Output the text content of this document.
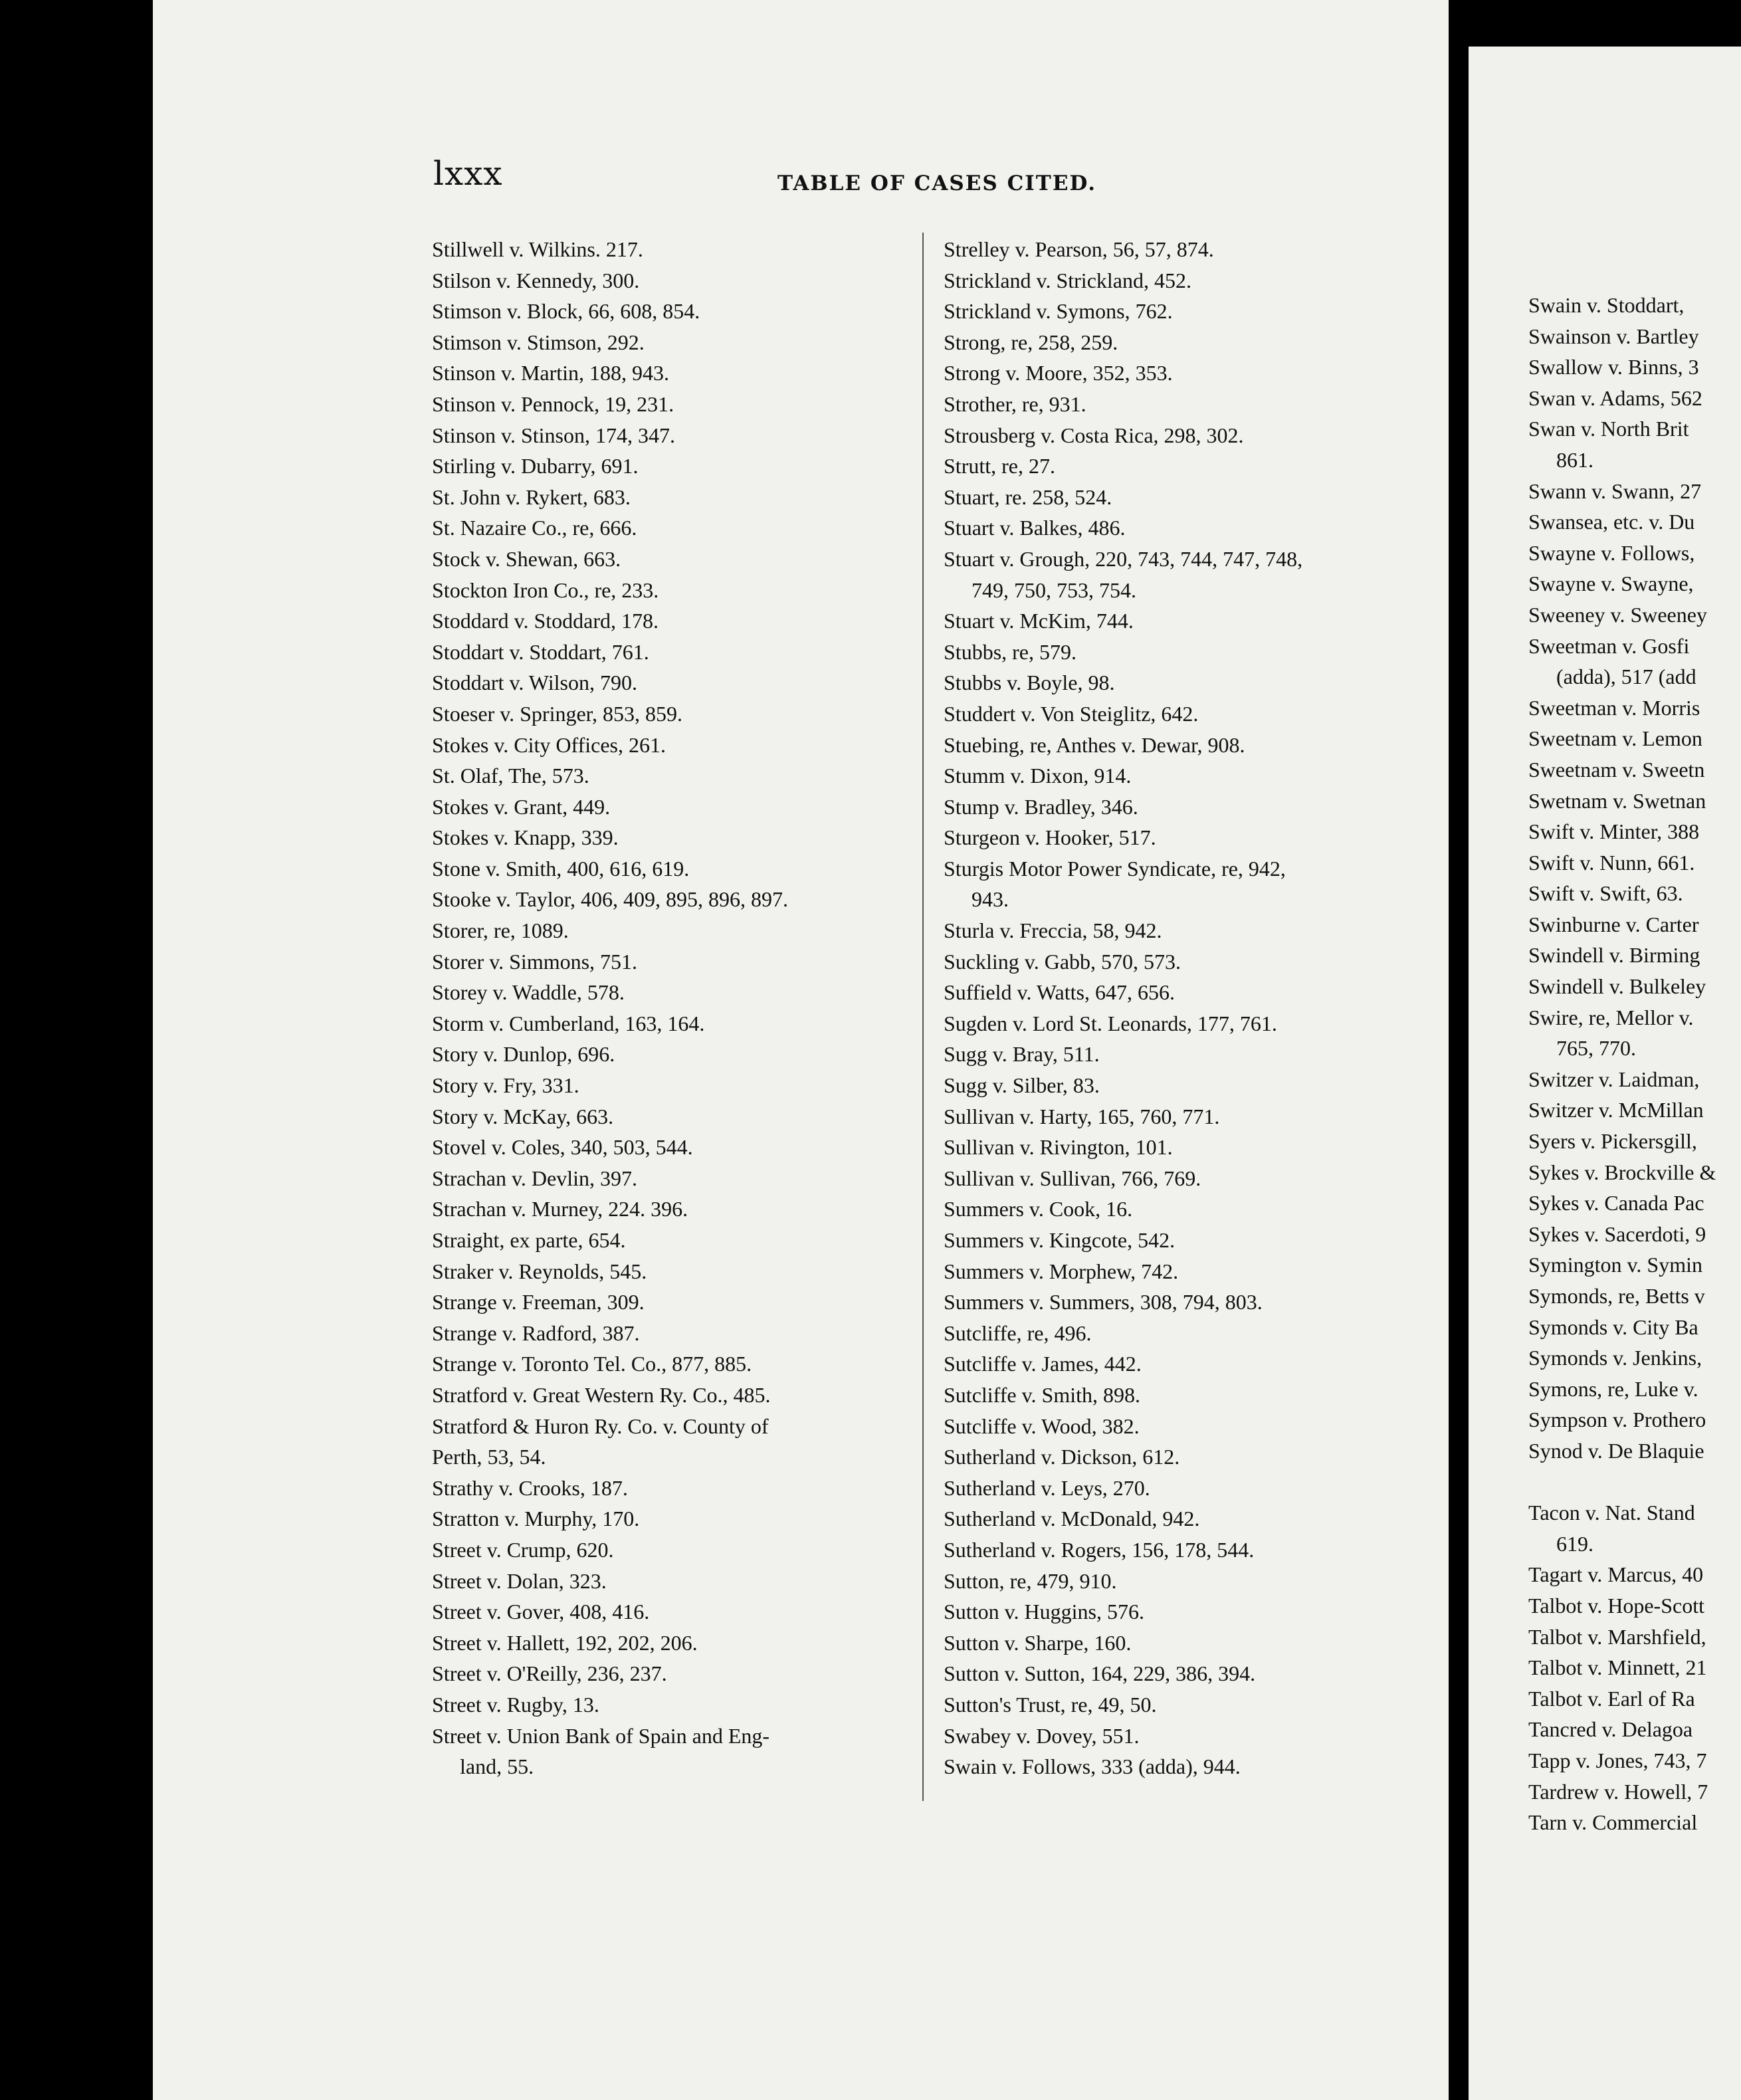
Swain v. Stoddart,
Swainson v. Bartley
Swallow v. Binns, 3
Swan v. Adams, 562
Swan v. North Brit
861.
Swann v. Swann, 27
Swansea, etc. v. Du
Swayne v. Follows,
Swayne v. Swayne,
Sweeney v. Sweeney
Sweetman v. Gosfi
(adda), 517 (add
Sweetman v. Morris
Sweetnam v. Lemon
Sweetnam v. Sweetn
Swetnam v. Swetnan
Swift v. Minter, 388
Swift v. Nunn, 661.
Swift v. Swift, 63.
Swinburne v. Carter
Swindell v. Birming
Swindell v. Bulkeley
Swire, re, Mellor v.
765, 770.
Switzer v. Laidman,
Switzer v. McMillan
Syers v. Pickersgill,
Sykes v. Brockville &
Sykes v. Canada Pac
Sykes v. Sacerdoti, 9
Symington v. Symin
Symonds, re, Betts v
Symonds v. City Ba
Symonds v. Jenkins,
Symons, re, Luke v.
Sympson v. Prothero
Synod v. De Blaquie
Tacon v. Nat. Stand
619.
Tagart v. Marcus, 40
Talbot v. Hope-Scott
Talbot v. Marshfield,
Talbot v. Minnett, 21
Talbot v. Earl of Ra
Tancred v. Delagoa
Tapp v. Jones, 743, 7
Tardrew v. Howell, 7
Tarn v. Commercial
lxxx	TABLE OF CASES CITED.
Stillwell v. Wilkins. 217.
Stilson v. Kennedy, 300.
Stimson v. Block, 66, 608, 854.
Stimson v. Stimson, 292.
Stinson v. Martin, 188, 943.
Stinson v. Pennock, 19, 231.
Stinson v. Stinson, 174, 347.
Stirling v. Dubarry, 691.
St. John v. Rykert, 683.
St. Nazaire Co., re, 666.
Stock v. Shewan, 663.
Stockton Iron Co., re, 233.
Stoddard v. Stoddard, 178.
Stoddart v. Stoddart, 761.
Stoddart v. Wilson, 790.
Stoeser v. Springer, 853, 859.
Stokes v. City Offices, 261.
St. Olaf, The, 573.
Stokes v. Grant, 449.
Stokes v. Knapp, 339.
Stone v. Smith, 400, 616, 619.
Stooke v. Taylor, 406, 409, 895, 896, 897.
Storer, re, 1089.
Storer v. Simmons, 751.
Storey v. Waddle, 578.
Storm v. Cumberland, 163, 164.
Story v. Dunlop, 696.
Story v. Fry, 331.
Story v. McKay, 663.
Stovel v. Coles, 340, 503, 544.
Strachan v. Devlin, 397.
Strachan v. Murney, 224. 396.
Straight, ex parte, 654.
Straker v. Reynolds, 545.
Strange v. Freeman, 309.
Strange v. Radford, 387.
Strange v. Toronto Tel. Co., 877, 885.
Stratford v. Great Western Ry. Co., 485.
Stratford & Huron Ry. Co. v. County of
Perth, 53, 54.
Strathy v. Crooks, 187.
Stratton v. Murphy, 170.
Street v. Crump, 620.
Street v. Dolan, 323.
Street v. Gover, 408, 416.
Street v. Hallett, 192, 202, 206.
Street v. O'Reilly, 236, 237.
Street v. Rugby, 13.
Street v. Union Bank of Spain and Eng-
land, 55.
Strelley v. Pearson, 56, 57, 874.
Strickland v. Strickland, 452.
Strickland v. Symons, 762.
Strong, re, 258, 259.
Strong v. Moore, 352, 353.
Strother, re, 931.
Strousberg v. Costa Rica, 298, 302.
Strutt, re, 27.
Stuart, re. 258, 524.
Stuart v. Balkes, 486.
Stuart v. Grough, 220, 743, 744, 747, 748,
749, 750, 753, 754.
Stuart v. McKim, 744.
Stubbs, re, 579.
Stubbs v. Boyle, 98.
Studdert v. Von Steiglitz, 642.
Stuebing, re, Anthes v. Dewar, 908.
Stumm v. Dixon, 914.
Stump v. Bradley, 346.
Sturgeon v. Hooker, 517.
Sturgis Motor Power Syndicate, re, 942,
943.
Sturla v. Freccia, 58, 942.
Suckling v. Gabb, 570, 573.
Suffield v. Watts, 647, 656.
Sugden v. Lord St. Leonards, 177, 761.
Sugg v. Bray, 511.
Sugg v. Silber, 83.
Sullivan v. Harty, 165, 760, 771.
Sullivan v. Rivington, 101.
Sullivan v. Sullivan, 766, 769.
Summers v. Cook, 16.
Summers v. Kingcote, 542.
Summers v. Morphew, 742.
Summers v. Summers, 308, 794, 803.
Sutcliffe, re, 496.
Sutcliffe v. James, 442.
Sutcliffe v. Smith, 898.
Sutcliffe v. Wood, 382.
Sutherland v. Dickson, 612.
Sutherland v. Leys, 270.
Sutherland v. McDonald, 942.
Sutherland v. Rogers, 156, 178, 544.
Sutton, re, 479, 910.
Sutton v. Huggins, 576.
Sutton v. Sharpe, 160.
Sutton v. Sutton, 164, 229, 386, 394.
Sutton's Trust, re, 49, 50.
Swabey v. Dovey, 551.
Swain v. Follows, 333 (adda), 944.
